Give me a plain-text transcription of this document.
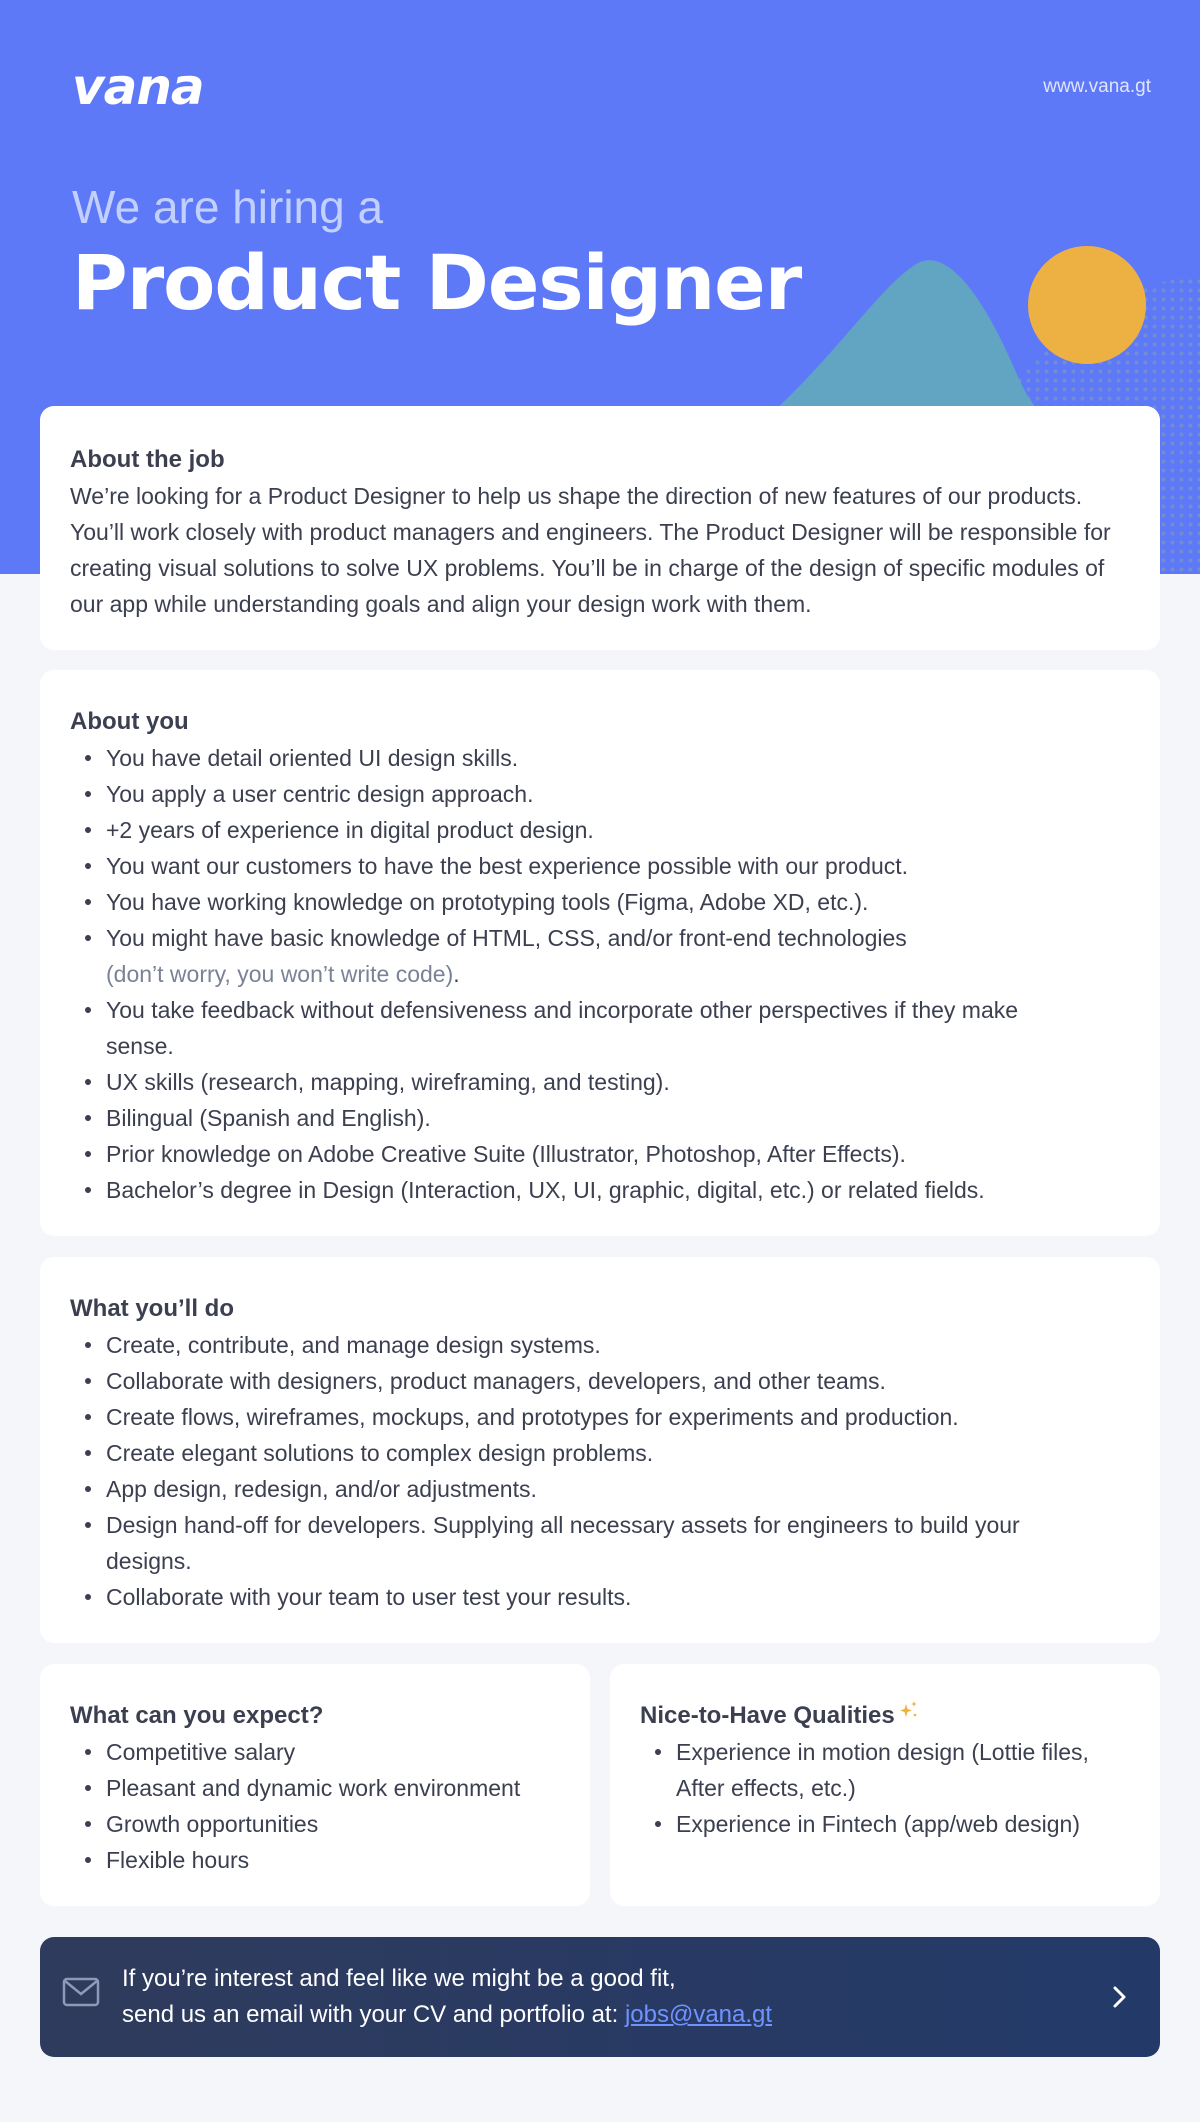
vana	www.vana.gt
We are hiring a
Product Designer
About the job

We’re looking for a Product Designer to help us shape the direction of new features of our products. You’ll work closely with product managers and engineers. The Product Designer will be responsible for creating visual solutions to solve UX problems. You’ll be in charge of the design of specific modules of our app while understanding goals and align your design work with them.

About you
You have detail oriented UI design skills.
You apply a user centric design approach.
+2 years of experience in digital product design.
You want our customers to have the best experience possible with our product.
You have working knowledge on prototyping tools (Figma, Adobe XD, etc.).
You might have basic knowledge of HTML, CSS, and/or front-end technologies
(don’t worry, you won’t write code).
You take feedback without defensiveness and incorporate other perspectives if they make sense.
UX skills (research, mapping, wireframing, and testing).
Bilingual (Spanish and English).
Prior knowledge on Adobe Creative Suite (Illustrator, Photoshop, After Effects).
Bachelor’s degree in Design (Interaction, UX, UI, graphic, digital, etc.) or related fields.
What you’ll do
Create, contribute, and manage design systems.
Collaborate with designers, product managers, developers, and other teams.
Create flows, wireframes, mockups, and prototypes for experiments and production.
Create elegant solutions to complex design problems.
App design, redesign, and/or adjustments.
Design hand-off for developers. Supplying all necessary assets for engineers to build your designs.
Collaborate with your team to user test your results.
What can you expect?
Competitive salary
Pleasant and dynamic work environment
Growth opportunities
Flexible hours
Nice-to-Have Qualities
Experience in motion design (Lottie files, After effects, etc.)
Experience in Fintech (app/web design)
If you’re interest and feel like we might be a good fit,
send us an email with your CV and portfolio at: jobs@vana.gt
